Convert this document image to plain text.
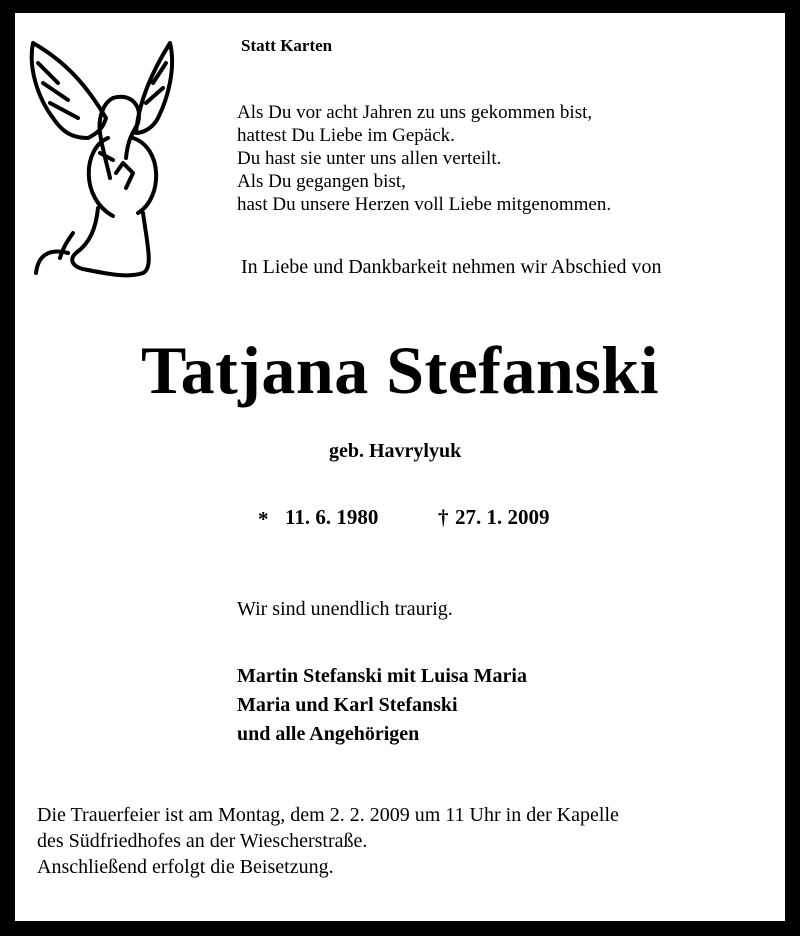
Statt Karten
Als Du vor acht Jahren zu uns gekommen bist,
hattest Du Liebe im Gepäck.
Du hast sie unter uns allen verteilt.
Als Du gegangen bist,
hast Du unsere Herzen voll Liebe mitgenommen.
In Liebe und Dankbarkeit nehmen wir Abschied von
Tatjana Stefanski
geb. Havrylyuk
* 11. 6. 1980	† 27. 1. 2009
Wir sind unendlich traurig.
Martin Stefanski mit Luisa Maria
Maria und Karl Stefanski
und alle Angehörigen
Die Trauerfeier ist am Montag, dem 2. 2. 2009 um 11 Uhr in der Kapelle
des Südfriedhofes an der Wiescherstraße.
Anschließend erfolgt die Beisetzung.
